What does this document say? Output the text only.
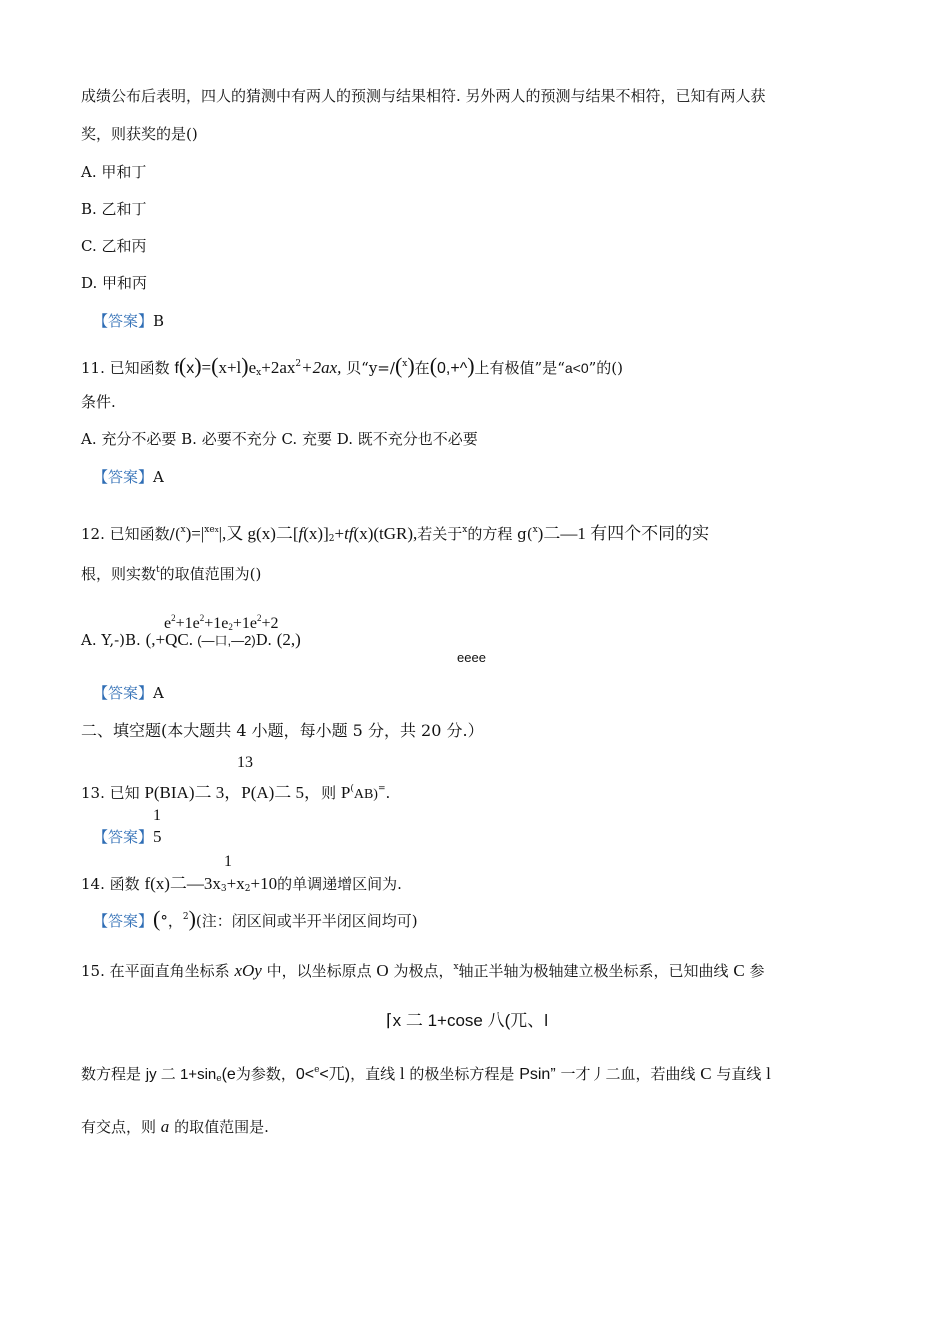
成绩公布后表明，四人的猜测中有两人的预测与结果相符. 另外两人的预测与结果不相符，已知有两人获
奖，则获奖的是()
A. 甲和丁
B. 乙和丁
C. 乙和丙
D. 甲和丙
【答案】B
11. 已知函数 $f(x)=(x+l)e_x+2ax^2+2ax$, 贝“y=/($^x$)在(0,+^)上有极值”是“a<0”的()
条件.
A. 充分不必要 B. 必要不充分 C. 充要 D. 既不充分也不必要
【答案】A
12. 已知函数$/(^x)=|^{xex}|$,又 g(x)二$[f(x)]_2+tf(x)(tGR)$,若关于$^x$的方程 g($^x$)二—1 有四个不同的实
根，则实数$^t$的取值范围为()
$e^2+1e^2+1e_2+1e^2+2$
A. Y,-)B. (,+QC. (—口,—2)D. (2,)
eeee
【答案】A
二、填空题(本大题共 4 小题，每小题 5 分，共 20 分.）
13
13. 已知 P(BIA)二 3，P(A)二 5，则 P(AB)=.
1
【答案】5
1
14. 函数 f(x)二$—3x_3+x_2+10$的单调递增区间为.
【答案】(°，$^2$)(注：闭区间或半开半闭区间均可)
15. 在平面直角坐标系 xOy 中，以坐标原点 O 为极点，$^x$轴正半轴为极轴建立极坐标系，已知曲线 C 参
⌈x 二 1+cose 八(兀、l
数方程是 jy 二 $1+\sin_e(e$为参数，0<$^e$<兀)，直线 l 的极坐标方程是 Psin” 一才丿二血，若曲线 C 与直线 l
有交点，则 a 的取值范围是.
